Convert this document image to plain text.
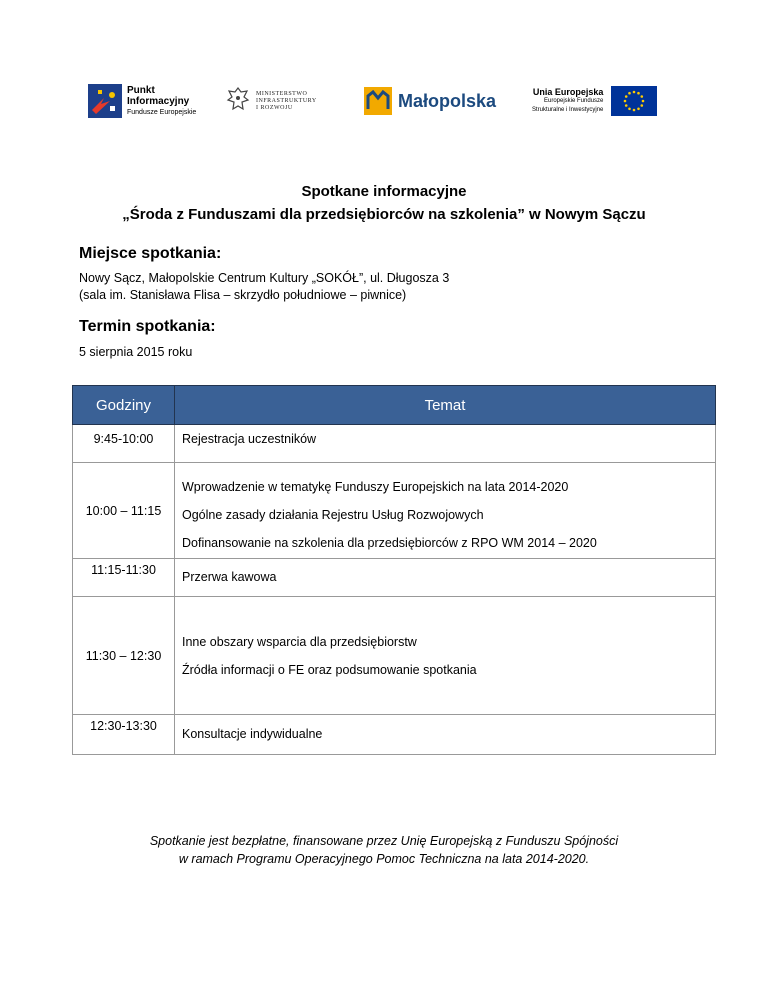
Punkt
Informacyjny
Fundusze Europejskie
MINISTERSTWO
INFRASTRUKTURY
I ROZWOJU	Małopolska	Unia Europejska
Europejskie Fundusze
Strukturalne i Inwestycyjne
Spotkane informacyjne
„Środa z Funduszami dla przedsiębiorców na szkolenia” w Nowym Sączu
Miejsce spotkania:
Nowy Sącz, Małopolskie Centrum Kultury „SOKÓŁ”, ul. Długosza 3
(sala im. Stanisława Flisa – skrzydło południowe – piwnice)
Termin spotkania:
5 sierpnia 2015 roku
Godziny	Temat
9:45-10:00	Rejestracja uczestników

10:00 – 11:15	Wprowadzenie w tematykę Funduszy Europejskich na lata 2014-2020
Ogólne zasady działania Rejestru Usług Rozwojowych
Dofinansowanie na szkolenia dla przedsiębiorców z RPO WM 2014 – 2020

11:15-11:30	Przerwa kawowa

11:30 – 12:30	Inne obszary wsparcia dla przedsiębiorstw
Źródła informacji o FE oraz podsumowanie spotkania

12:30-13:30	Konsultacje indywidualne
Spotkanie jest bezpłatne, finansowane przez Unię Europejską z Funduszu Spójności
w ramach Programu Operacyjnego Pomoc Techniczna na lata 2014-2020.
